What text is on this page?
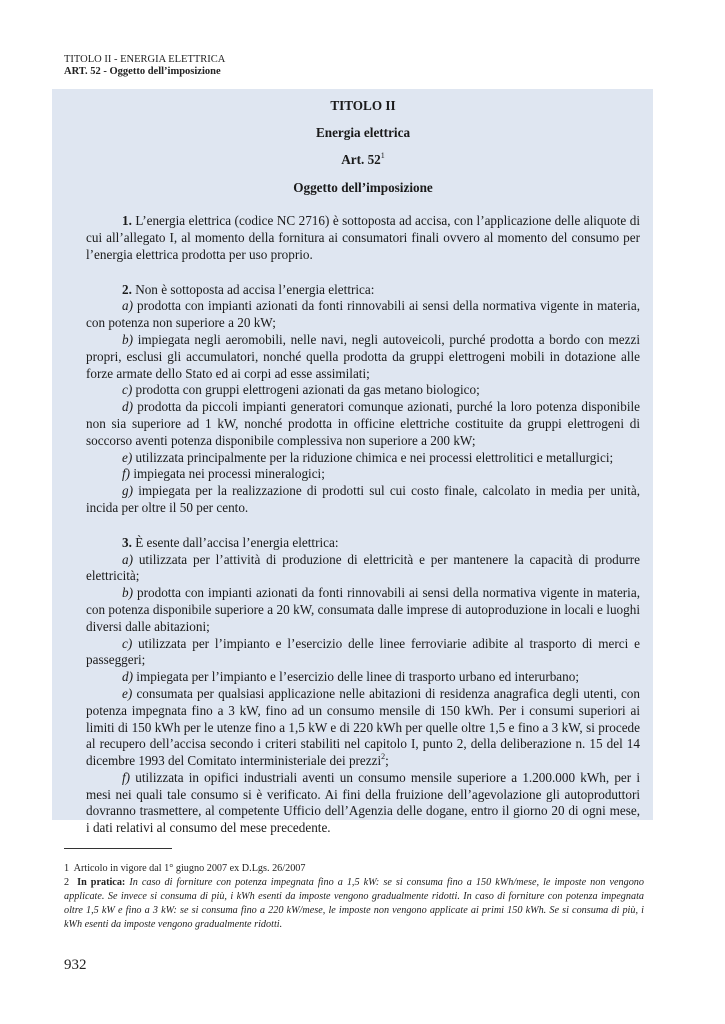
TITOLO II - ENERGIA ELETTRICA
ART. 52 - Oggetto dell’imposizione
TITOLO II
Energia elettrica
Art. $52^1$
Oggetto dell’imposizione

1. L’energia elettrica (codice NC 2716) è sottoposta ad accisa, con l’applicazione delle aliquote di cui all’allegato I, al momento della fornitura ai consumatori finali ovvero al momento del consumo per l’energia elettrica prodotta per uso proprio.

2. Non è sottoposta ad accisa l’energia elettrica:

a) prodotta con impianti azionati da fonti rinnovabili ai sensi della normativa vigente in materia, con potenza non superiore a 20 kW;

b) impiegata negli aeromobili, nelle navi, negli autoveicoli, purché prodotta a bordo con mezzi propri, esclusi gli accumulatori, nonché quella prodotta da gruppi elettrogeni mobili in dotazione alle forze armate dello Stato ed ai corpi ad esse assimilati;

c) prodotta con gruppi elettrogeni azionati da gas metano biologico;

d) prodotta da piccoli impianti generatori comunque azionati, purché la loro potenza disponibile non sia superiore ad 1 kW, nonché prodotta in officine elettriche costituite da gruppi elettrogeni di soccorso aventi potenza disponibile complessiva non superiore a 200 kW;

e) utilizzata principalmente per la riduzione chimica e nei processi elettrolitici e metallurgici;

f) impiegata nei processi mineralogici;

g) impiegata per la realizzazione di prodotti sul cui costo finale, calcolato in media per unità, incida per oltre il 50 per cento.

3. È esente dall’accisa l’energia elettrica:

a) utilizzata per l’attività di produzione di elettricità e per mantenere la capacità di produrre elettricità;

b) prodotta con impianti azionati da fonti rinnovabili ai sensi della normativa vigente in materia, con potenza disponibile superiore a 20 kW, consumata dalle imprese di autoproduzione in locali e luoghi diversi dalle abitazioni;

c) utilizzata per l’impianto e l’esercizio delle linee ferroviarie adibite al trasporto di merci e passeggeri;

d) impiegata per l’impianto e l’esercizio delle linee di trasporto urbano ed interurbano;

e) consumata per qualsiasi applicazione nelle abitazioni di residenza anagrafica degli utenti, con potenza impegnata fino a 3 kW, fino ad un consumo mensile di 150 kWh. Per i consumi superiori ai limiti di 150 kWh per le utenze fino a 1,5 kW e di 220 kWh per quelle oltre 1,5 e fino a 3 kW, si procede al recupero dell’accisa secondo i criteri stabiliti nel capitolo I, punto 2, della deliberazione n. 15 del 14 dicembre 1993 del Comitato interministeriale dei prezzi$^2$;

f) utilizzata in opifici industriali aventi un consumo mensile superiore a 1.200.000 kWh, per i mesi nei quali tale consumo si è verificato. Ai fini della fruizione dell’agevolazione gli autoproduttori dovranno trasmettere, al competente Ufficio dell’Agenzia delle dogane, entro il giorno 20 di ogni mese, i dati relativi al consumo del mese precedente.

1 Articolo in vigore dal 1° giugno 2007 ex D.Lgs. 26/2007
2 In pratica: In caso di forniture con potenza impegnata fino a 1,5 kW: se si consuma fino a 150 kWh/mese, le imposte non vengono applicate. Se invece si consuma di più, i kWh esenti da imposte vengono gradualmente ridotti. In caso di forniture con potenza impegnata oltre 1,5 kW e fino a 3 kW: se si consuma fino a 220 kW/mese, le imposte non vengono applicate ai primi 150 kWh. Se si consuma di più, i kWh esenti da imposte vengono gradualmente ridotti.
932
